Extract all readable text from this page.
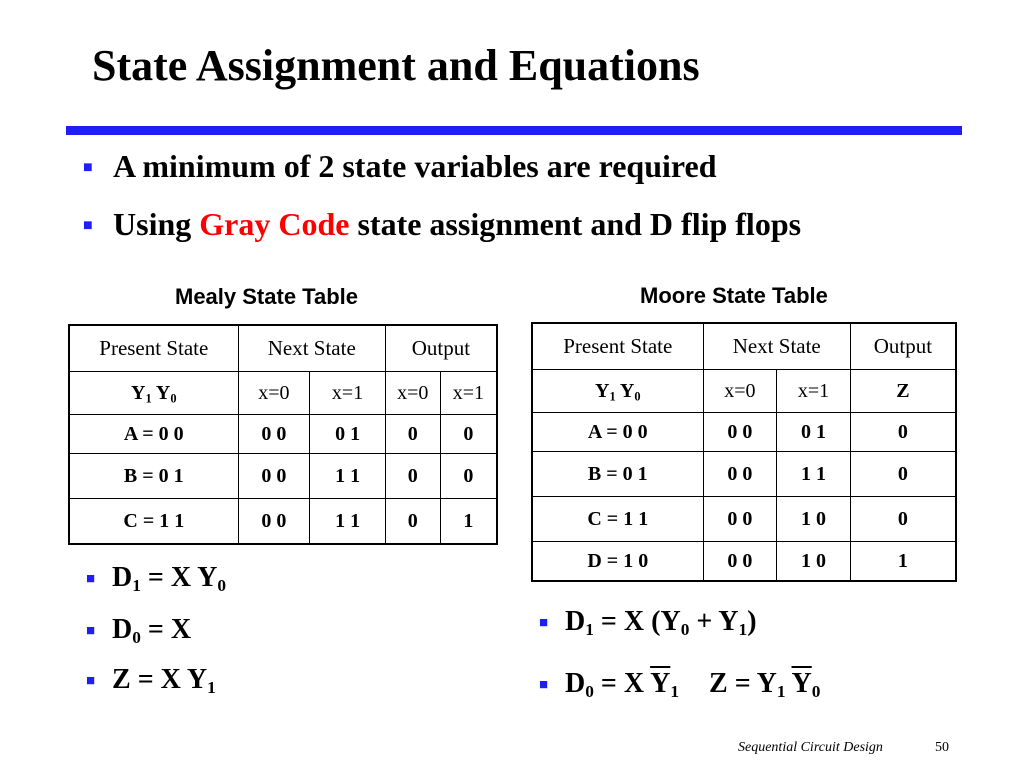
State Assignment and Equations
■ A minimum of 2 state variables are required
■ Using Gray Code state assignment and D flip flops
Mealy State Table	Moore State Table
Present State	Next State		Output	
$Y_1$ $Y_0$	x=0	x=1	x=0	x=1
A = 0 0	0 0	0 1	0	0
B = 0 1	0 0	1 1	0	0
C = 1 1	0 0	1 1	0	1
Present State	Next State		Output
$Y_1$ $Y_0$	x=0	x=1	Z
A = 0 0	0 0	0 1	0
B = 0 1	0 0	1 1	0
C = 1 1	0 0	1 0	0
D = 1 0	0 0	1 0	1
■ $D_1 = X$ $Y_0$
■ $D_0 = X$
■ Z = X $Y_1$
■ $D_1 = X$ $(Y_0 + Y_1)$
■ $D_0 = X$ $\overline{Y}_1$ $Z = Y_1$ $\overline{Y}_0$
Sequential Circuit Design	50
